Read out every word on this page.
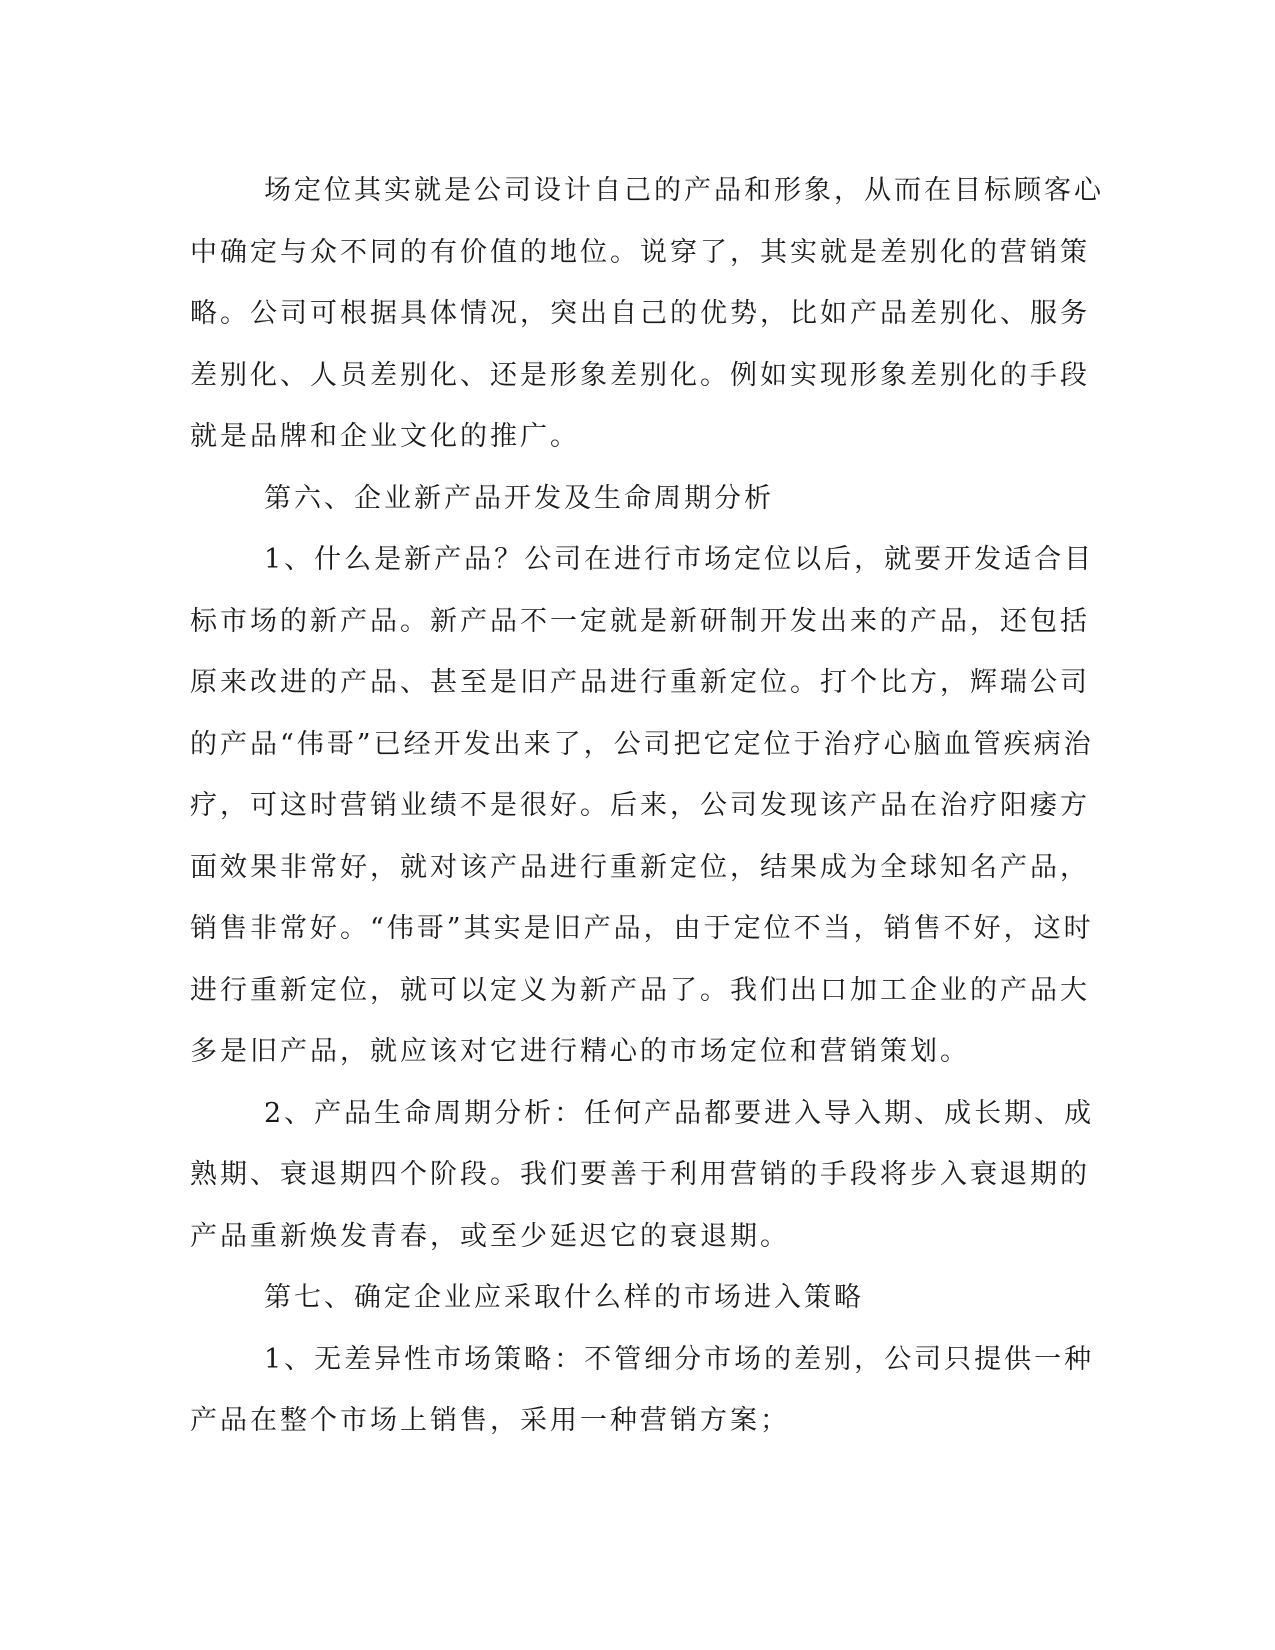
场定位其实就是公司设计自己的产品和形象，从而在目标顾客心
中确定与众不同的有价值的地位。说穿了，其实就是差别化的营销策
略。公司可根据具体情况，突出自己的优势，比如产品差别化、服务
差别化、人员差别化、还是形象差别化。例如实现形象差别化的手段
就是品牌和企业文化的推广。
第六、企业新产品开发及生命周期分析
1、什么是新产品？公司在进行市场定位以后，就要开发适合目
标市场的新产品。新产品不一定就是新研制开发出来的产品，还包括
原来改进的产品、甚至是旧产品进行重新定位。打个比方，辉瑞公司
的产品“伟哥”已经开发出来了，公司把它定位于治疗心脑血管疾病治
疗，可这时营销业绩不是很好。后来，公司发现该产品在治疗阳痿方
面效果非常好，就对该产品进行重新定位，结果成为全球知名产品，
销售非常好。“伟哥”其实是旧产品，由于定位不当，销售不好，这时
进行重新定位，就可以定义为新产品了。我们出口加工企业的产品大
多是旧产品，就应该对它进行精心的市场定位和营销策划。
2、产品生命周期分析：任何产品都要进入导入期、成长期、成
熟期、衰退期四个阶段。我们要善于利用营销的手段将步入衰退期的
产品重新焕发青春，或至少延迟它的衰退期。
第七、确定企业应采取什么样的市场进入策略
1、无差异性市场策略：不管细分市场的差别，公司只提供一种
产品在整个市场上销售，采用一种营销方案；
